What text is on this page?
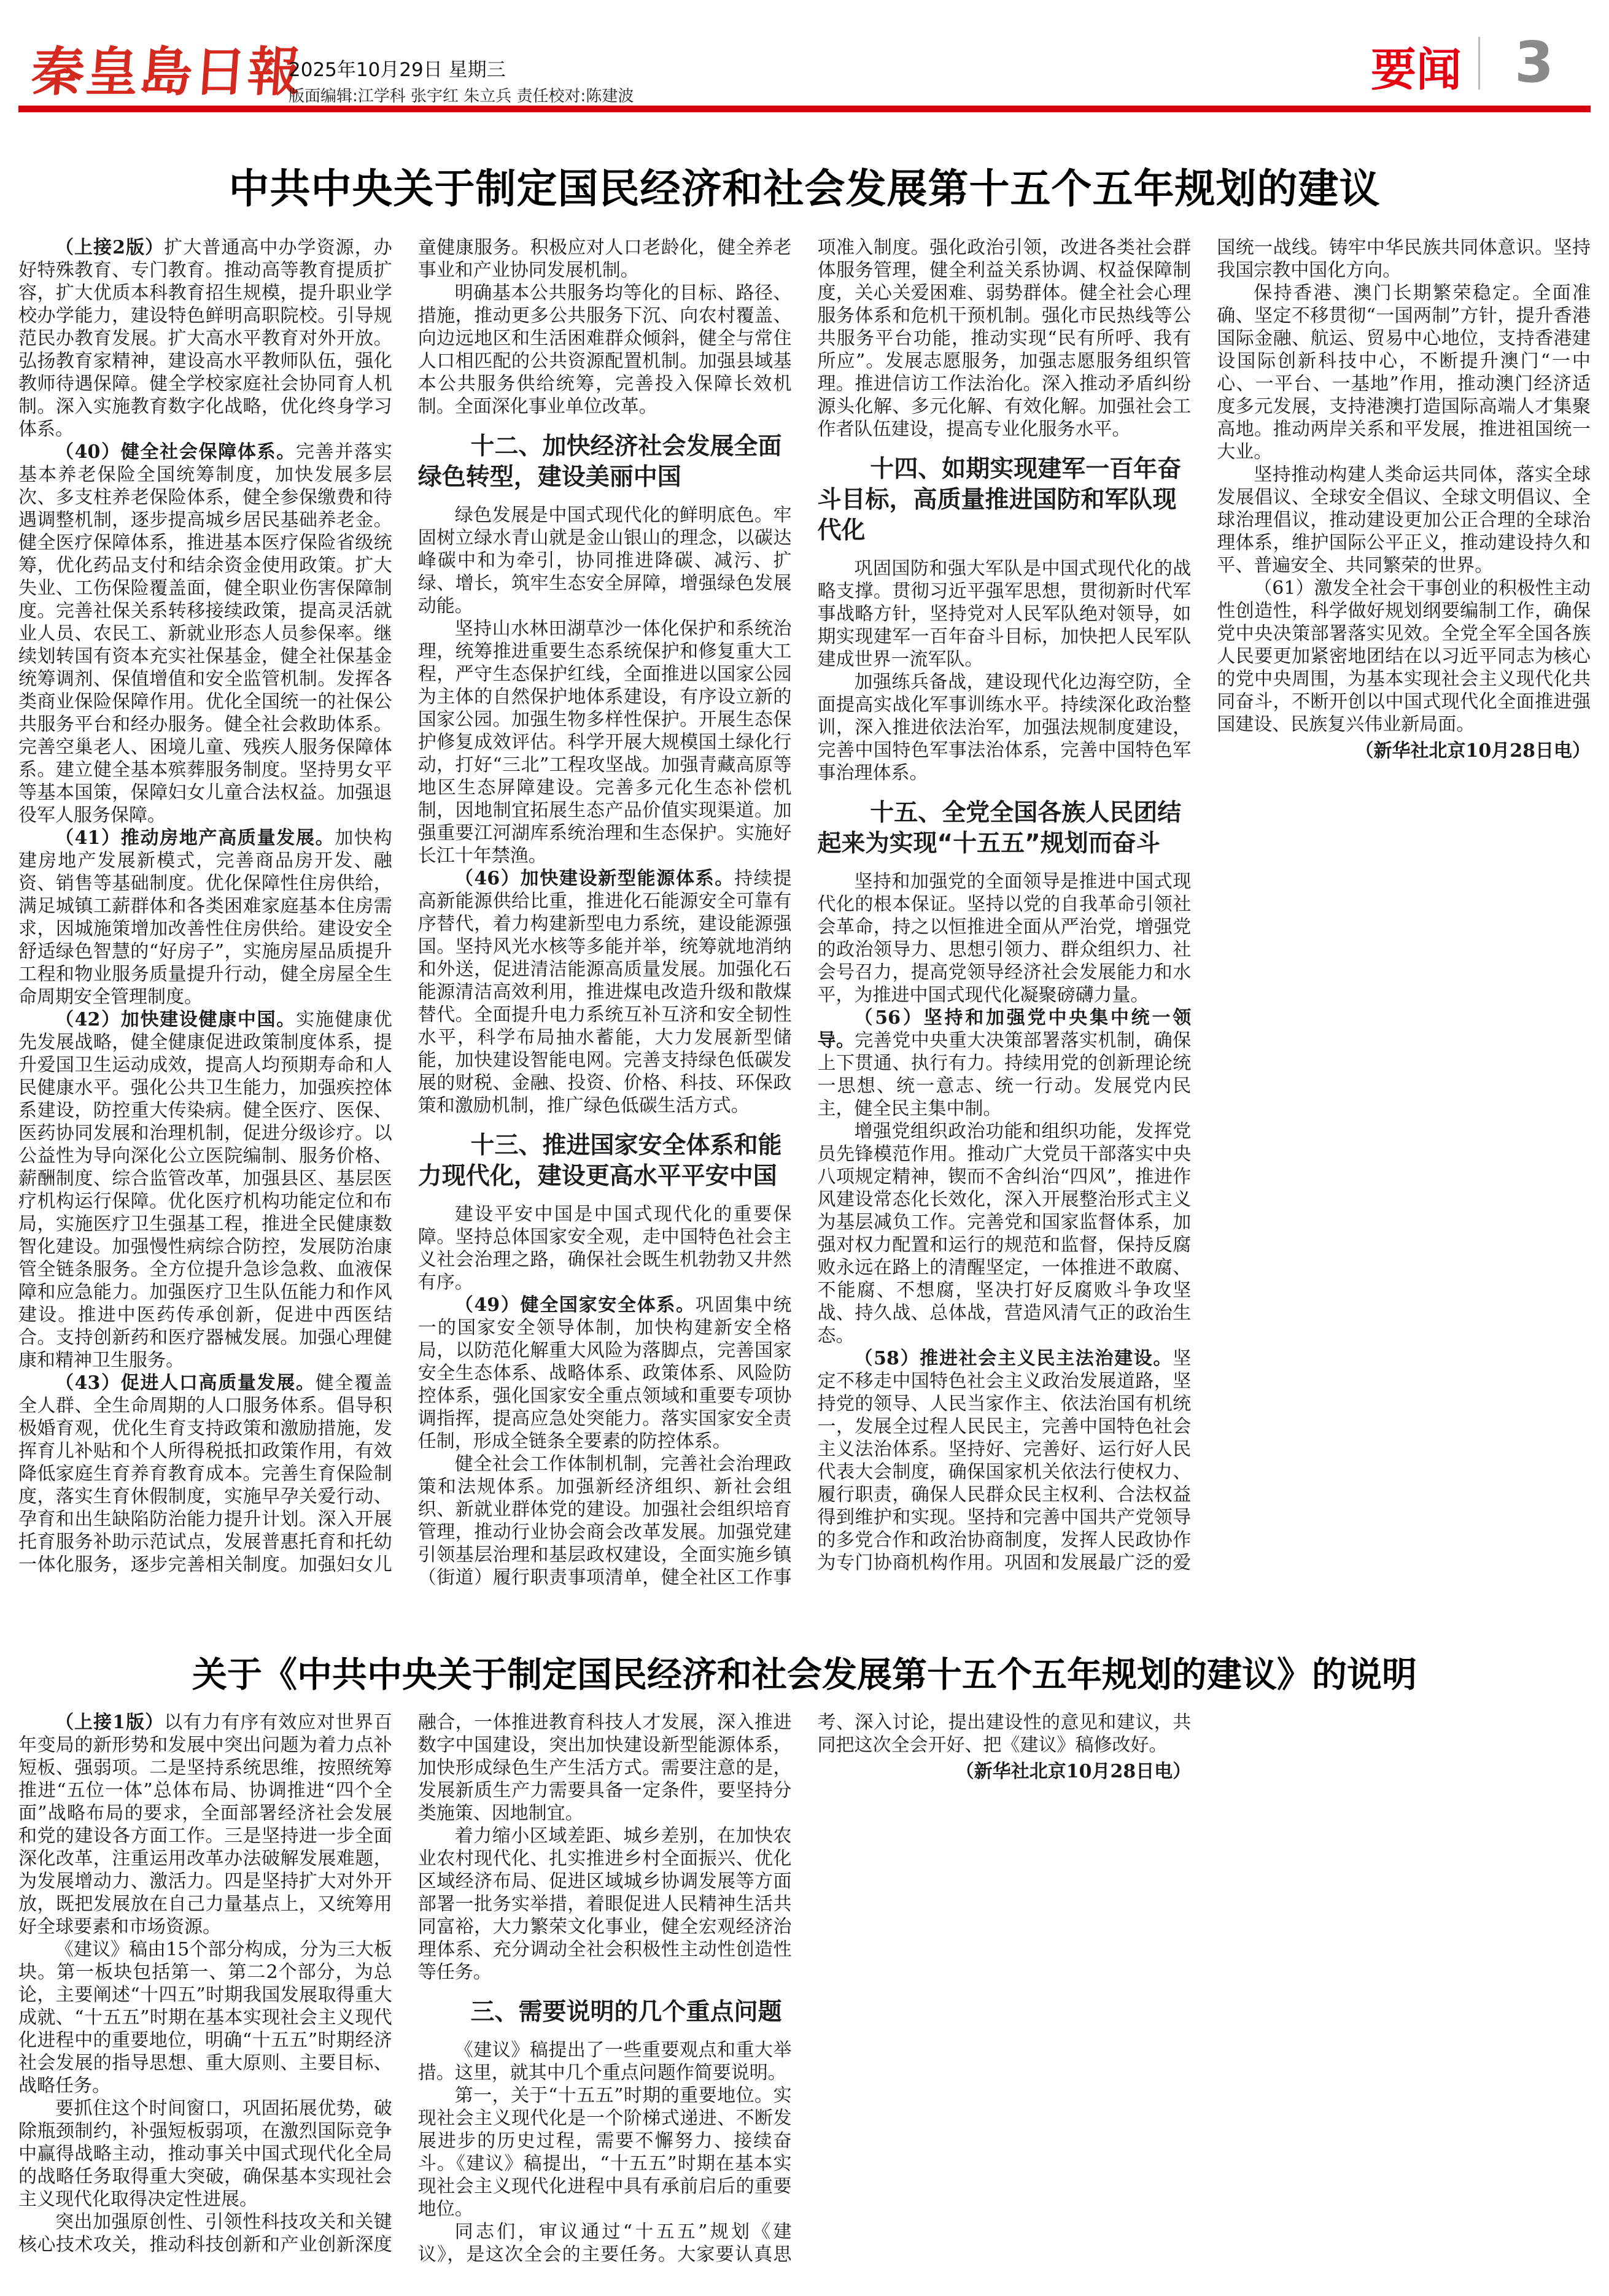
秦皇島日報
2025年10月29日 星期三
版面编辑:江学科 张宇红 朱立兵 责任校对:陈建波	要闻 3
中共中央关于制定国民经济和社会发展第十五个五年规划的建议

（上接2版）扩大普通高中办学资源，办好特殊教育、专门教育。推动高等教育提质扩容，扩大优质本科教育招生规模，提升职业学校办学能力，建设特色鲜明高职院校。引导规范民办教育发展。扩大高水平教育对外开放。弘扬教育家精神，建设高水平教师队伍，强化教师待遇保障。健全学校家庭社会协同育人机制。深入实施教育数字化战略，优化终身学习体系。

（40）健全社会保障体系。完善并落实基本养老保险全国统筹制度，加快发展多层次、多支柱养老保险体系，健全参保缴费和待遇调整机制，逐步提高城乡居民基础养老金。健全医疗保障体系，推进基本医疗保险省级统筹，优化药品支付和结余资金使用政策。扩大失业、工伤保险覆盖面，健全职业伤害保障制度。完善社保关系转移接续政策，提高灵活就业人员、农民工、新就业形态人员参保率。继续划转国有资本充实社保基金，健全社保基金统筹调剂、保值增值和安全监管机制。发挥各类商业保险保障作用。优化全国统一的社保公共服务平台和经办服务。健全社会救助体系。完善空巢老人、困境儿童、残疾人服务保障体系。建立健全基本殡葬服务制度。坚持男女平等基本国策，保障妇女儿童合法权益。加强退役军人服务保障。

（41）推动房地产高质量发展。加快构建房地产发展新模式，完善商品房开发、融资、销售等基础制度。优化保障性住房供给，满足城镇工薪群体和各类困难家庭基本住房需求，因城施策增加改善性住房供给。建设安全舒适绿色智慧的“好房子”，实施房屋品质提升工程和物业服务质量提升行动，健全房屋全生命周期安全管理制度。

（42）加快建设健康中国。实施健康优先发展战略，健全健康促进政策制度体系，提升爱国卫生运动成效，提高人均预期寿命和人民健康水平。强化公共卫生能力，加强疾控体系建设，防控重大传染病。健全医疗、医保、医药协同发展和治理机制，促进分级诊疗。以公益性为导向深化公立医院编制、服务价格、薪酬制度、综合监管改革，加强县区、基层医疗机构运行保障。优化医疗机构功能定位和布局，实施医疗卫生强基工程，推进全民健康数智化建设。加强慢性病综合防控，发展防治康管全链条服务。全方位提升急诊急救、血液保障和应急能力。加强医疗卫生队伍能力和作风建设。推进中医药传承创新，促进中西医结合。支持创新药和医疗器械发展。加强心理健康和精神卫生服务。

（43）促进人口高质量发展。健全覆盖全人群、全生命周期的人口服务体系。倡导积极婚育观，优化生育支持政策和激励措施，发挥育儿补贴和个人所得税抵扣政策作用，有效降低家庭生育养育教育成本。完善生育保险制度，落实生育休假制度，实施早孕关爱行动、孕育和出生缺陷防治能力提升计划。深入开展托育服务补助示范试点，发展普惠托育和托幼一体化服务，逐步完善相关制度。加强妇女儿童健康服务。积极应对人口老龄化，健全养老事业和产业协同发展机制。

明确基本公共服务均等化的目标、路径、措施，推动更多公共服务下沉、向农村覆盖、向边远地区和生活困难群众倾斜，健全与常住人口相匹配的公共资源配置机制。加强县域基本公共服务供给统筹，完善投入保障长效机制。全面深化事业单位改革。

十二、加快经济社会发展全面绿色转型，建设美丽中国

绿色发展是中国式现代化的鲜明底色。牢固树立绿水青山就是金山银山的理念，以碳达峰碳中和为牵引，协同推进降碳、减污、扩绿、增长，筑牢生态安全屏障，增强绿色发展动能。

坚持山水林田湖草沙一体化保护和系统治理，统筹推进重要生态系统保护和修复重大工程，严守生态保护红线，全面推进以国家公园为主体的自然保护地体系建设，有序设立新的国家公园。加强生物多样性保护。开展生态保护修复成效评估。科学开展大规模国土绿化行动，打好“三北”工程攻坚战。加强青藏高原等地区生态屏障建设。完善多元化生态补偿机制，因地制宜拓展生态产品价值实现渠道。加强重要江河湖库系统治理和生态保护。实施好长江十年禁渔。

（46）加快建设新型能源体系。持续提高新能源供给比重，推进化石能源安全可靠有序替代，着力构建新型电力系统，建设能源强国。坚持风光水核等多能并举，统筹就地消纳和外送，促进清洁能源高质量发展。加强化石能源清洁高效利用，推进煤电改造升级和散煤替代。全面提升电力系统互补互济和安全韧性水平，科学布局抽水蓄能，大力发展新型储能，加快建设智能电网。完善支持绿色低碳发展的财税、金融、投资、价格、科技、环保政策和激励机制，推广绿色低碳生活方式。

十三、推进国家安全体系和能力现代化，建设更高水平平安中国

建设平安中国是中国式现代化的重要保障。坚持总体国家安全观，走中国特色社会主义社会治理之路，确保社会既生机勃勃又井然有序。

（49）健全国家安全体系。巩固集中统一的国家安全领导体制，加快构建新安全格局，以防范化解重大风险为落脚点，完善国家安全生态体系、战略体系、政策体系、风险防控体系，强化国家安全重点领域和重要专项协调指挥，提高应急处突能力。落实国家安全责任制，形成全链条全要素的防控体系。

健全社会工作体制机制，完善社会治理政策和法规体系。加强新经济组织、新社会组织、新就业群体党的建设。加强社会组织培育管理，推动行业协会商会改革发展。加强党建引领基层治理和基层政权建设，全面实施乡镇（街道）履行职责事项清单，健全社区工作事项准入制度。强化政治引领，改进各类社会群体服务管理，健全利益关系协调、权益保障制度，关心关爱困难、弱势群体。健全社会心理服务体系和危机干预机制。强化市民热线等公共服务平台功能，推动实现“民有所呼、我有所应”。发展志愿服务，加强志愿服务组织管理。推进信访工作法治化。深入推动矛盾纠纷源头化解、多元化解、有效化解。加强社会工作者队伍建设，提高专业化服务水平。

十四、如期实现建军一百年奋斗目标，高质量推进国防和军队现代化

巩固国防和强大军队是中国式现代化的战略支撑。贯彻习近平强军思想，贯彻新时代军事战略方针，坚持党对人民军队绝对领导，如期实现建军一百年奋斗目标，加快把人民军队建成世界一流军队。

加强练兵备战，建设现代化边海空防，全面提高实战化军事训练水平。持续深化政治整训，深入推进依法治军，加强法规制度建设，完善中国特色军事法治体系，完善中国特色军事治理体系。

十五、全党全国各族人民团结起来为实现“十五五”规划而奋斗

坚持和加强党的全面领导是推进中国式现代化的根本保证。坚持以党的自我革命引领社会革命，持之以恒推进全面从严治党，增强党的政治领导力、思想引领力、群众组织力、社会号召力，提高党领导经济社会发展能力和水平，为推进中国式现代化凝聚磅礴力量。

（56）坚持和加强党中央集中统一领导。完善党中央重大决策部署落实机制，确保上下贯通、执行有力。持续用党的创新理论统一思想、统一意志、统一行动。发展党内民主，健全民主集中制。

增强党组织政治功能和组织功能，发挥党员先锋模范作用。推动广大党员干部落实中央八项规定精神，锲而不舍纠治“四风”，推进作风建设常态化长效化，深入开展整治形式主义为基层减负工作。完善党和国家监督体系，加强对权力配置和运行的规范和监督，保持反腐败永远在路上的清醒坚定，一体推进不敢腐、不能腐、不想腐，坚决打好反腐败斗争攻坚战、持久战、总体战，营造风清气正的政治生态。

（58）推进社会主义民主法治建设。坚定不移走中国特色社会主义政治发展道路，坚持党的领导、人民当家作主、依法治国有机统一，发展全过程人民民主，完善中国特色社会主义法治体系。坚持好、完善好、运行好人民代表大会制度，确保国家机关依法行使权力、履行职责，确保人民群众民主权利、合法权益得到维护和实现。坚持和完善中国共产党领导的多党合作和政治协商制度，发挥人民政协作为专门协商机构作用。巩固和发展最广泛的爱国统一战线。铸牢中华民族共同体意识。坚持我国宗教中国化方向。

保持香港、澳门长期繁荣稳定。全面准确、坚定不移贯彻“一国两制”方针，提升香港国际金融、航运、贸易中心地位，支持香港建设国际创新科技中心，不断提升澳门“一中心、一平台、一基地”作用，推动澳门经济适度多元发展，支持港澳打造国际高端人才集聚高地。推动两岸关系和平发展，推进祖国统一大业。

坚持推动构建人类命运共同体，落实全球发展倡议、全球安全倡议、全球文明倡议、全球治理倡议，推动建设更加公正合理的全球治理体系，维护国际公平正义，推动建设持久和平、普遍安全、共同繁荣的世界。

（61）激发全社会干事创业的积极性主动性创造性，科学做好规划纲要编制工作，确保党中央决策部署落实见效。全党全军全国各族人民要更加紧密地团结在以习近平同志为核心的党中央周围，为基本实现社会主义现代化共同奋斗，不断开创以中国式现代化全面推进强国建设、民族复兴伟业新局面。

（新华社北京10月28日电）

关于《中共中央关于制定国民经济和社会发展第十五个五年规划的建议》的说明

（上接1版）以有力有序有效应对世界百年变局的新形势和发展中突出问题为着力点补短板、强弱项。二是坚持系统思维，按照统筹推进“五位一体”总体布局、协调推进“四个全面”战略布局的要求，全面部署经济社会发展和党的建设各方面工作。三是坚持进一步全面深化改革，注重运用改革办法破解发展难题，为发展增动力、激活力。四是坚持扩大对外开放，既把发展放在自己力量基点上，又统筹用好全球要素和市场资源。

《建议》稿由15个部分构成，分为三大板块。第一板块包括第一、第二2个部分，为总论，主要阐述“十四五”时期我国发展取得重大成就、“十五五”时期在基本实现社会主义现代化进程中的重要地位，明确“十五五”时期经济社会发展的指导思想、重大原则、主要目标、战略任务。

要抓住这个时间窗口，巩固拓展优势，破除瓶颈制约，补强短板弱项，在激烈国际竞争中赢得战略主动，推动事关中国式现代化全局的战略任务取得重大突破，确保基本实现社会主义现代化取得决定性进展。

突出加强原创性、引领性科技攻关和关键核心技术攻关，推动科技创新和产业创新深度融合，一体推进教育科技人才发展，深入推进数字中国建设，突出加快建设新型能源体系，加快形成绿色生产生活方式。需要注意的是，发展新质生产力需要具备一定条件，要坚持分类施策、因地制宜。

着力缩小区域差距、城乡差别，在加快农业农村现代化、扎实推进乡村全面振兴、优化区域经济布局、促进区域城乡协调发展等方面部署一批务实举措，着眼促进人民精神生活共同富裕，大力繁荣文化事业，健全宏观经济治理体系、充分调动全社会积极性主动性创造性等任务。

三、需要说明的几个重点问题

《建议》稿提出了一些重要观点和重大举措。这里，就其中几个重点问题作简要说明。

第一，关于“十五五”时期的重要地位。实现社会主义现代化是一个阶梯式递进、不断发展进步的历史过程，需要不懈努力、接续奋斗。《建议》稿提出，“十五五”时期在基本实现社会主义现代化进程中具有承前启后的重要地位。

同志们，审议通过“十五五”规划《建议》，是这次全会的主要任务。大家要认真思考、深入讨论，提出建设性的意见和建议，共同把这次全会开好、把《建议》稿修改好。

（新华社北京10月28日电）
